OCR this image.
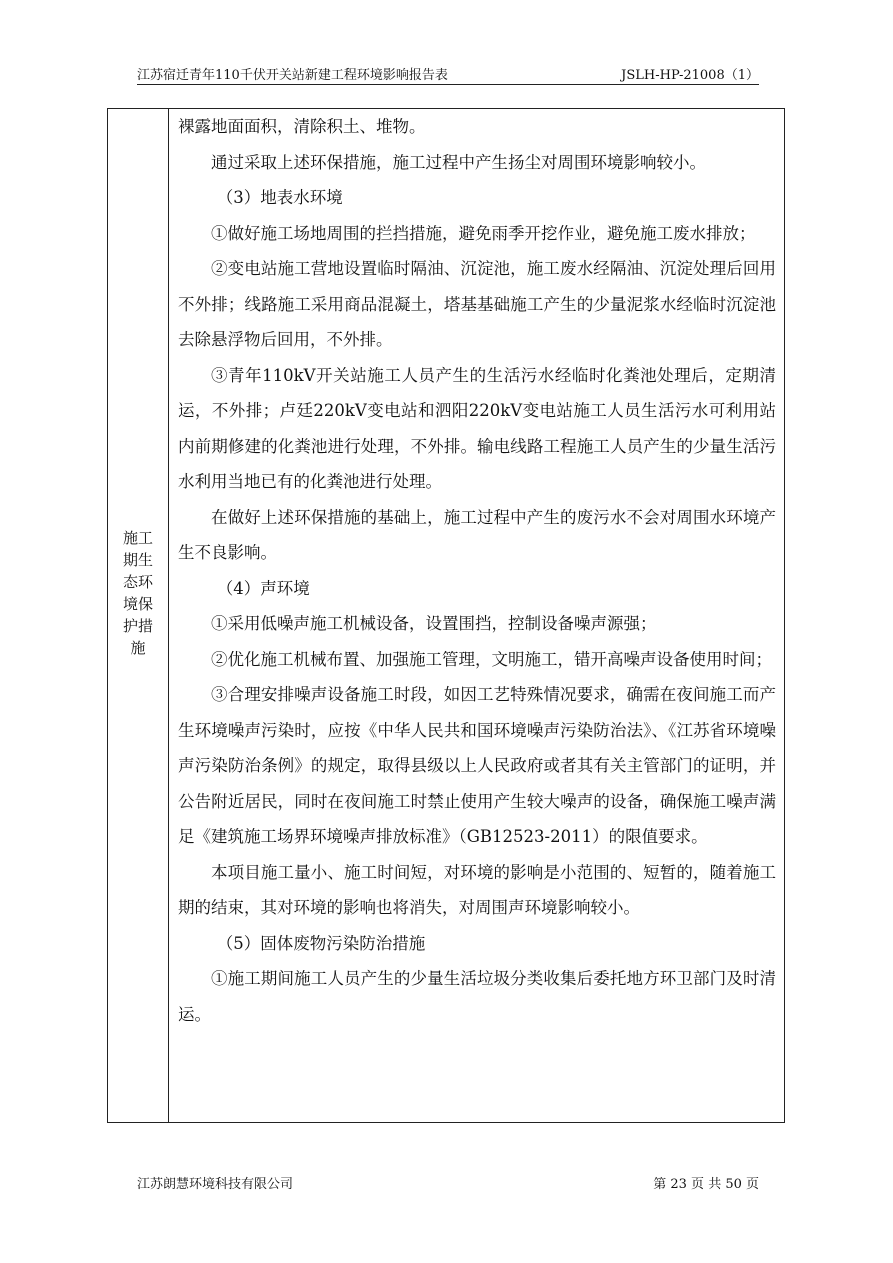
江苏宿迁青年110千伏开关站新建工程环境影响报告表	JSLH-HP-21008（1）
施工
期生
态环
境保
护措
施

裸露地面面积，清除积土、堆物。

通过采取上述环保措施，施工过程中产生扬尘对周围环境影响较小。

（3）地表水环境

①做好施工场地周围的拦挡措施，避免雨季开挖作业，避免施工废水排放；

②变电站施工营地设置临时隔油、沉淀池，施工废水经隔油、沉淀处理后回用不外排；线路施工采用商品混凝土，塔基基础施工产生的少量泥浆水经临时沉淀池去除悬浮物后回用，不外排。

③青年110kV开关站施工人员产生的生活污水经临时化粪池处理后，定期清运，不外排；卢廷220kV变电站和泗阳220kV变电站施工人员生活污水可利用站内前期修建的化粪池进行处理，不外排。输电线路工程施工人员产生的少量生活污水利用当地已有的化粪池进行处理。

在做好上述环保措施的基础上，施工过程中产生的废污水不会对周围水环境产生不良影响。

（4）声环境

①采用低噪声施工机械设备，设置围挡，控制设备噪声源强；

②优化施工机械布置、加强施工管理，文明施工，错开高噪声设备使用时间；

③合理安排噪声设备施工时段，如因工艺特殊情况要求，确需在夜间施工而产生环境噪声污染时，应按《中华人民共和国环境噪声污染防治法》、《江苏省环境噪声污染防治条例》的规定，取得县级以上人民政府或者其有关主管部门的证明，并公告附近居民，同时在夜间施工时禁止使用产生较大噪声的设备，确保施工噪声满足《建筑施工场界环境噪声排放标准》（GB12523-2011）的限值要求。

本项目施工量小、施工时间短，对环境的影响是小范围的、短暂的，随着施工期的结束，其对环境的影响也将消失，对周围声环境影响较小。

（5）固体废物污染防治措施

①施工期间施工人员产生的少量生活垃圾分类收集后委托地方环卫部门及时清运。

江苏朗慧环境科技有限公司	第 23 页 共 50 页
